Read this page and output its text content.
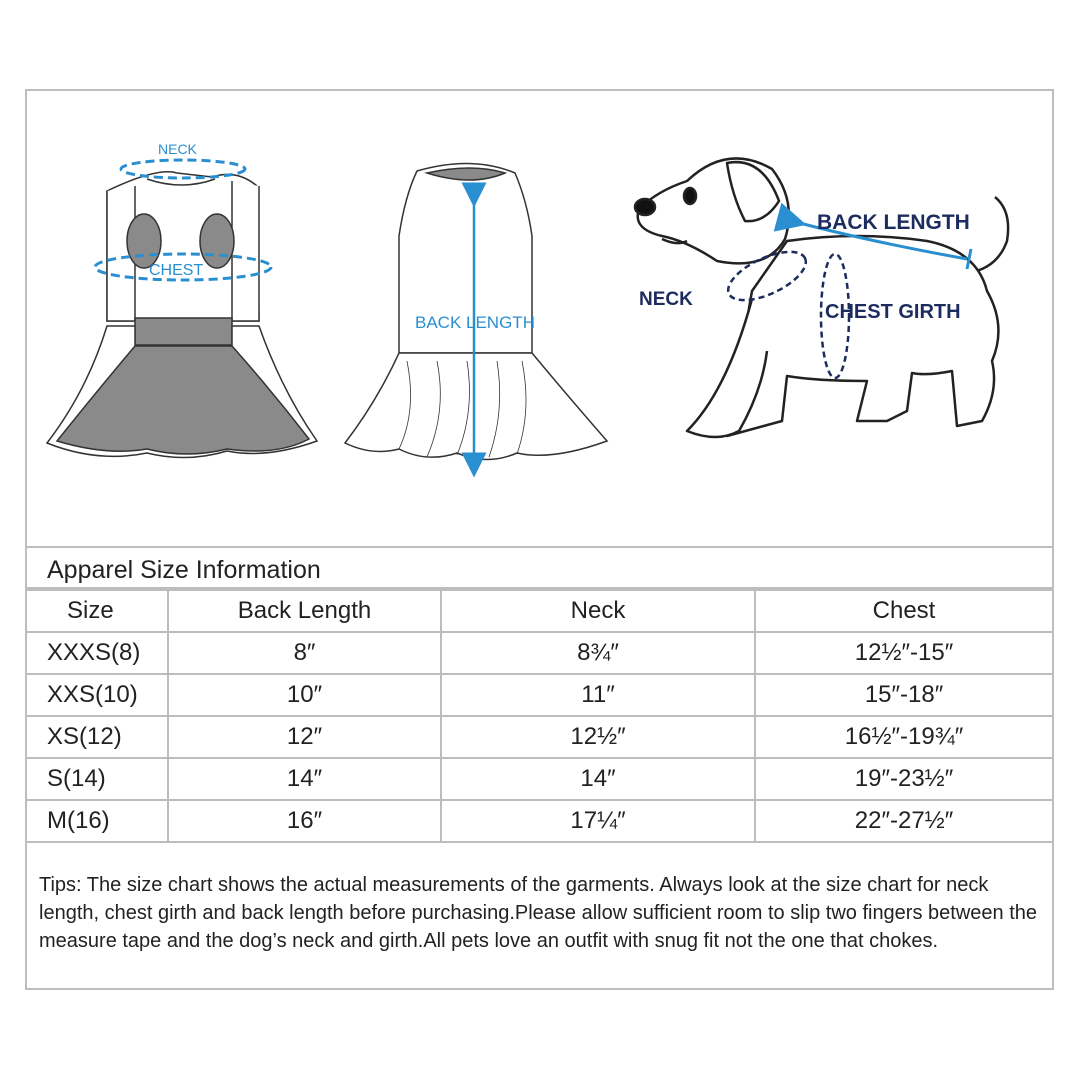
NECK
CHEST
BACK LENGTH
BACK LENGTH
NECK
CHEST GIRTH
Apparel Size Information
Size	Back Length	Neck	Chest
XXXS(8)	8″	8¾″	12½″-15″
XXS(10)	10″	11″	15″-18″
XS(12)	12″	12½″	16½″-19¾″
S(14)	14″	14″	19″-23½″
M(16)	16″	17¼″	22″-27½″
Tips: The size chart shows the actual measurements of the garments. Always look at the size chart for neck length, chest girth and back length before purchasing.Please allow sufficient room to slip two fingers between the measure tape and the dog’s neck and girth.All pets love an outfit with snug fit not the one that chokes.
